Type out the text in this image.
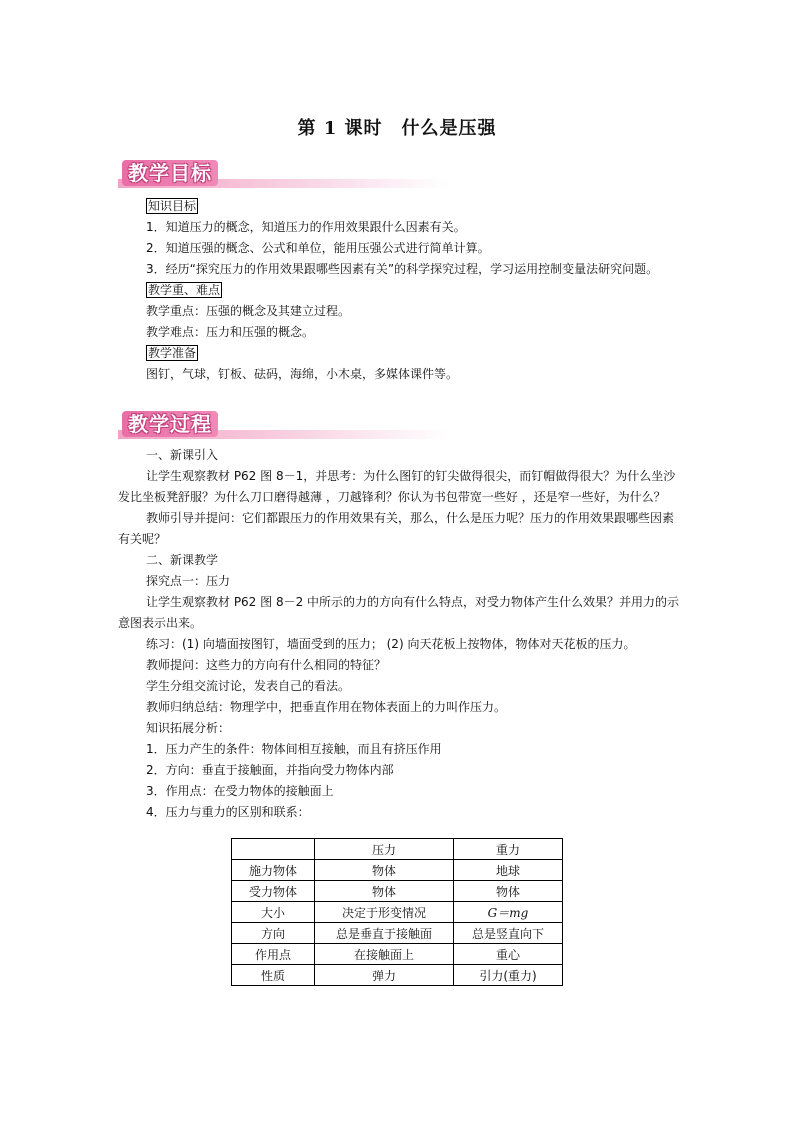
第 1 课时　什么是压强
教学目标

知识目标

1．知道压力的概念，知道压力的作用效果跟什么因素有关。

2．知道压强的概念、公式和单位，能用压强公式进行简单计算。

3．经历“探究压力的作用效果跟哪些因素有关”的科学探究过程，学习运用控制变量法研究问题。

教学重、难点

教学重点：压强的概念及其建立过程。

教学难点：压力和压强的概念。

教学准备

图钉，气球，钉板、砝码，海绵，小木桌，多媒体课件等。

教学过程

一、新课引入

让学生观察教材 P62 图 8－1，并思考：为什么图钉的钉尖做得很尖，而钉帽做得很大？为什么坐沙发比坐板凳舒服？为什么刀口磨得越薄 ，刀越锋利？你认为书包带宽一些好 ，还是窄一些好，为什么？

教师引导并提问：它们都跟压力的作用效果有关，那么，什么是压力呢？压力的作用效果跟哪些因素有关呢？

二、新课教学

探究点一：压力

让学生观察教材 P62 图 8－2 中所示的力的方向有什么特点，对受力物体产生什么效果？并用力的示意图表示出来。

练习：(1) 向墙面按图钉，墙面受到的压力； (2) 向天花板上按物体，物体对天花板的压力。

教师提问：这些力的方向有什么相同的特征？

学生分组交流讨论，发表自己的看法。

教师归纳总结：物理学中，把垂直作用在物体表面上的力叫作压力。

知识拓展分析：

1．压力产生的条件：物体间相互接触，而且有挤压作用

2．方向：垂直于接触面，并指向受力物体内部

3．作用点：在受力物体的接触面上

4．压力与重力的区别和联系：

	压力	重力
施力物体	物体	地球
受力物体	物体	物体
大小	决定于形变情况	G＝mg
方向	总是垂直于接触面	总是竖直向下
作用点	在接触面上	重心
性质	弹力	引力(重力)
